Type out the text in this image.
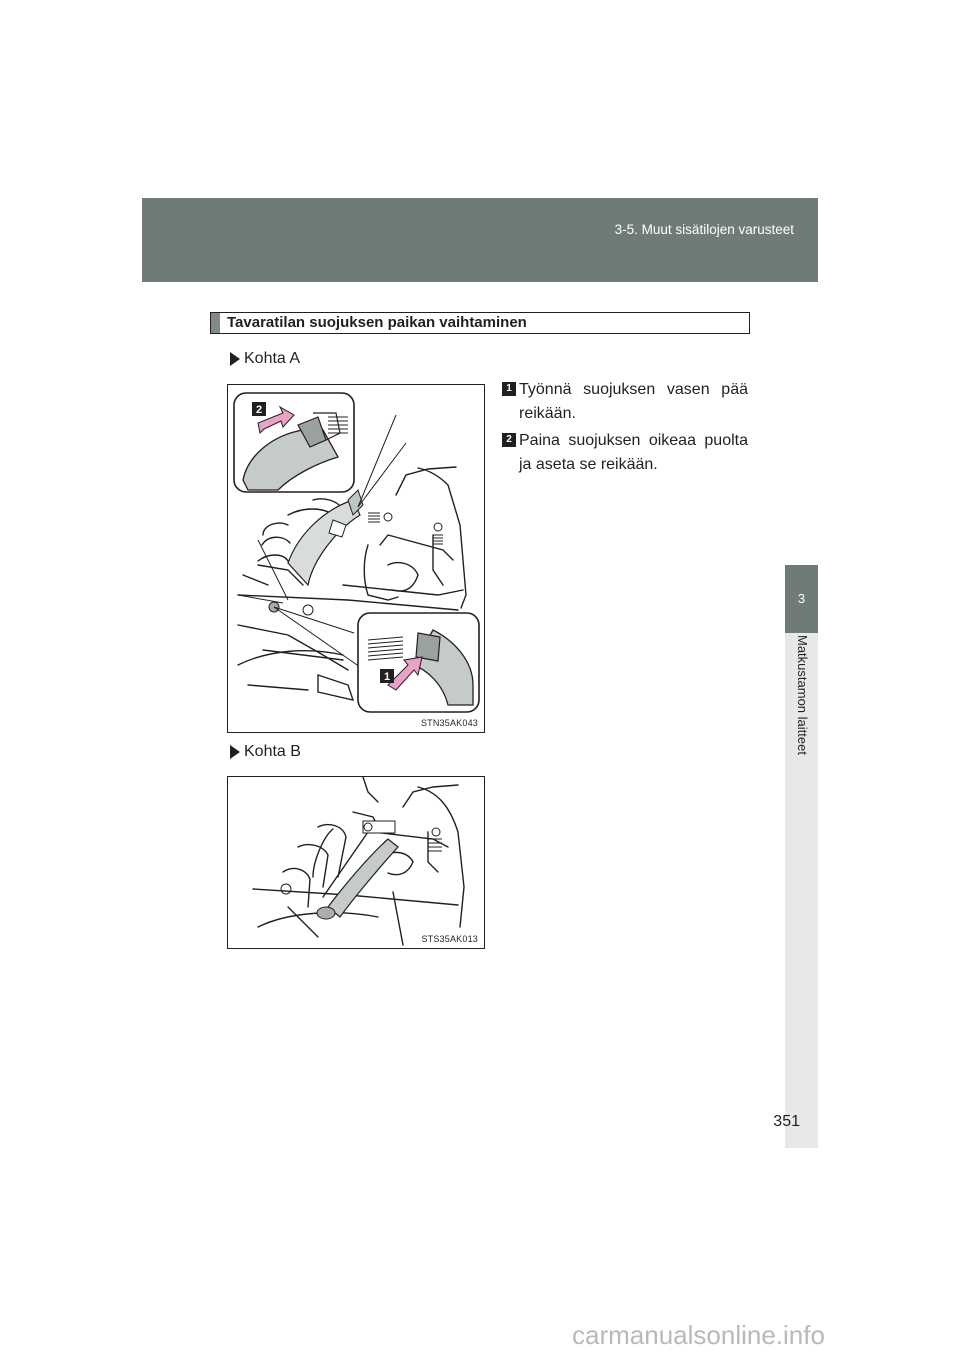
3-5. Muut sisätilojen varusteet
3
Matkustamon laitteet
Tavaratilan suojuksen paikan vaihtaminen
Kohta A
2
1
STN35AK043
1 Työnnä suojuksen vasen pää
reikään.
2 Paina suojuksen oikeaa puolta
ja aseta se reikään.
Kohta B
STS35AK013
351
carmanualsonline.info
